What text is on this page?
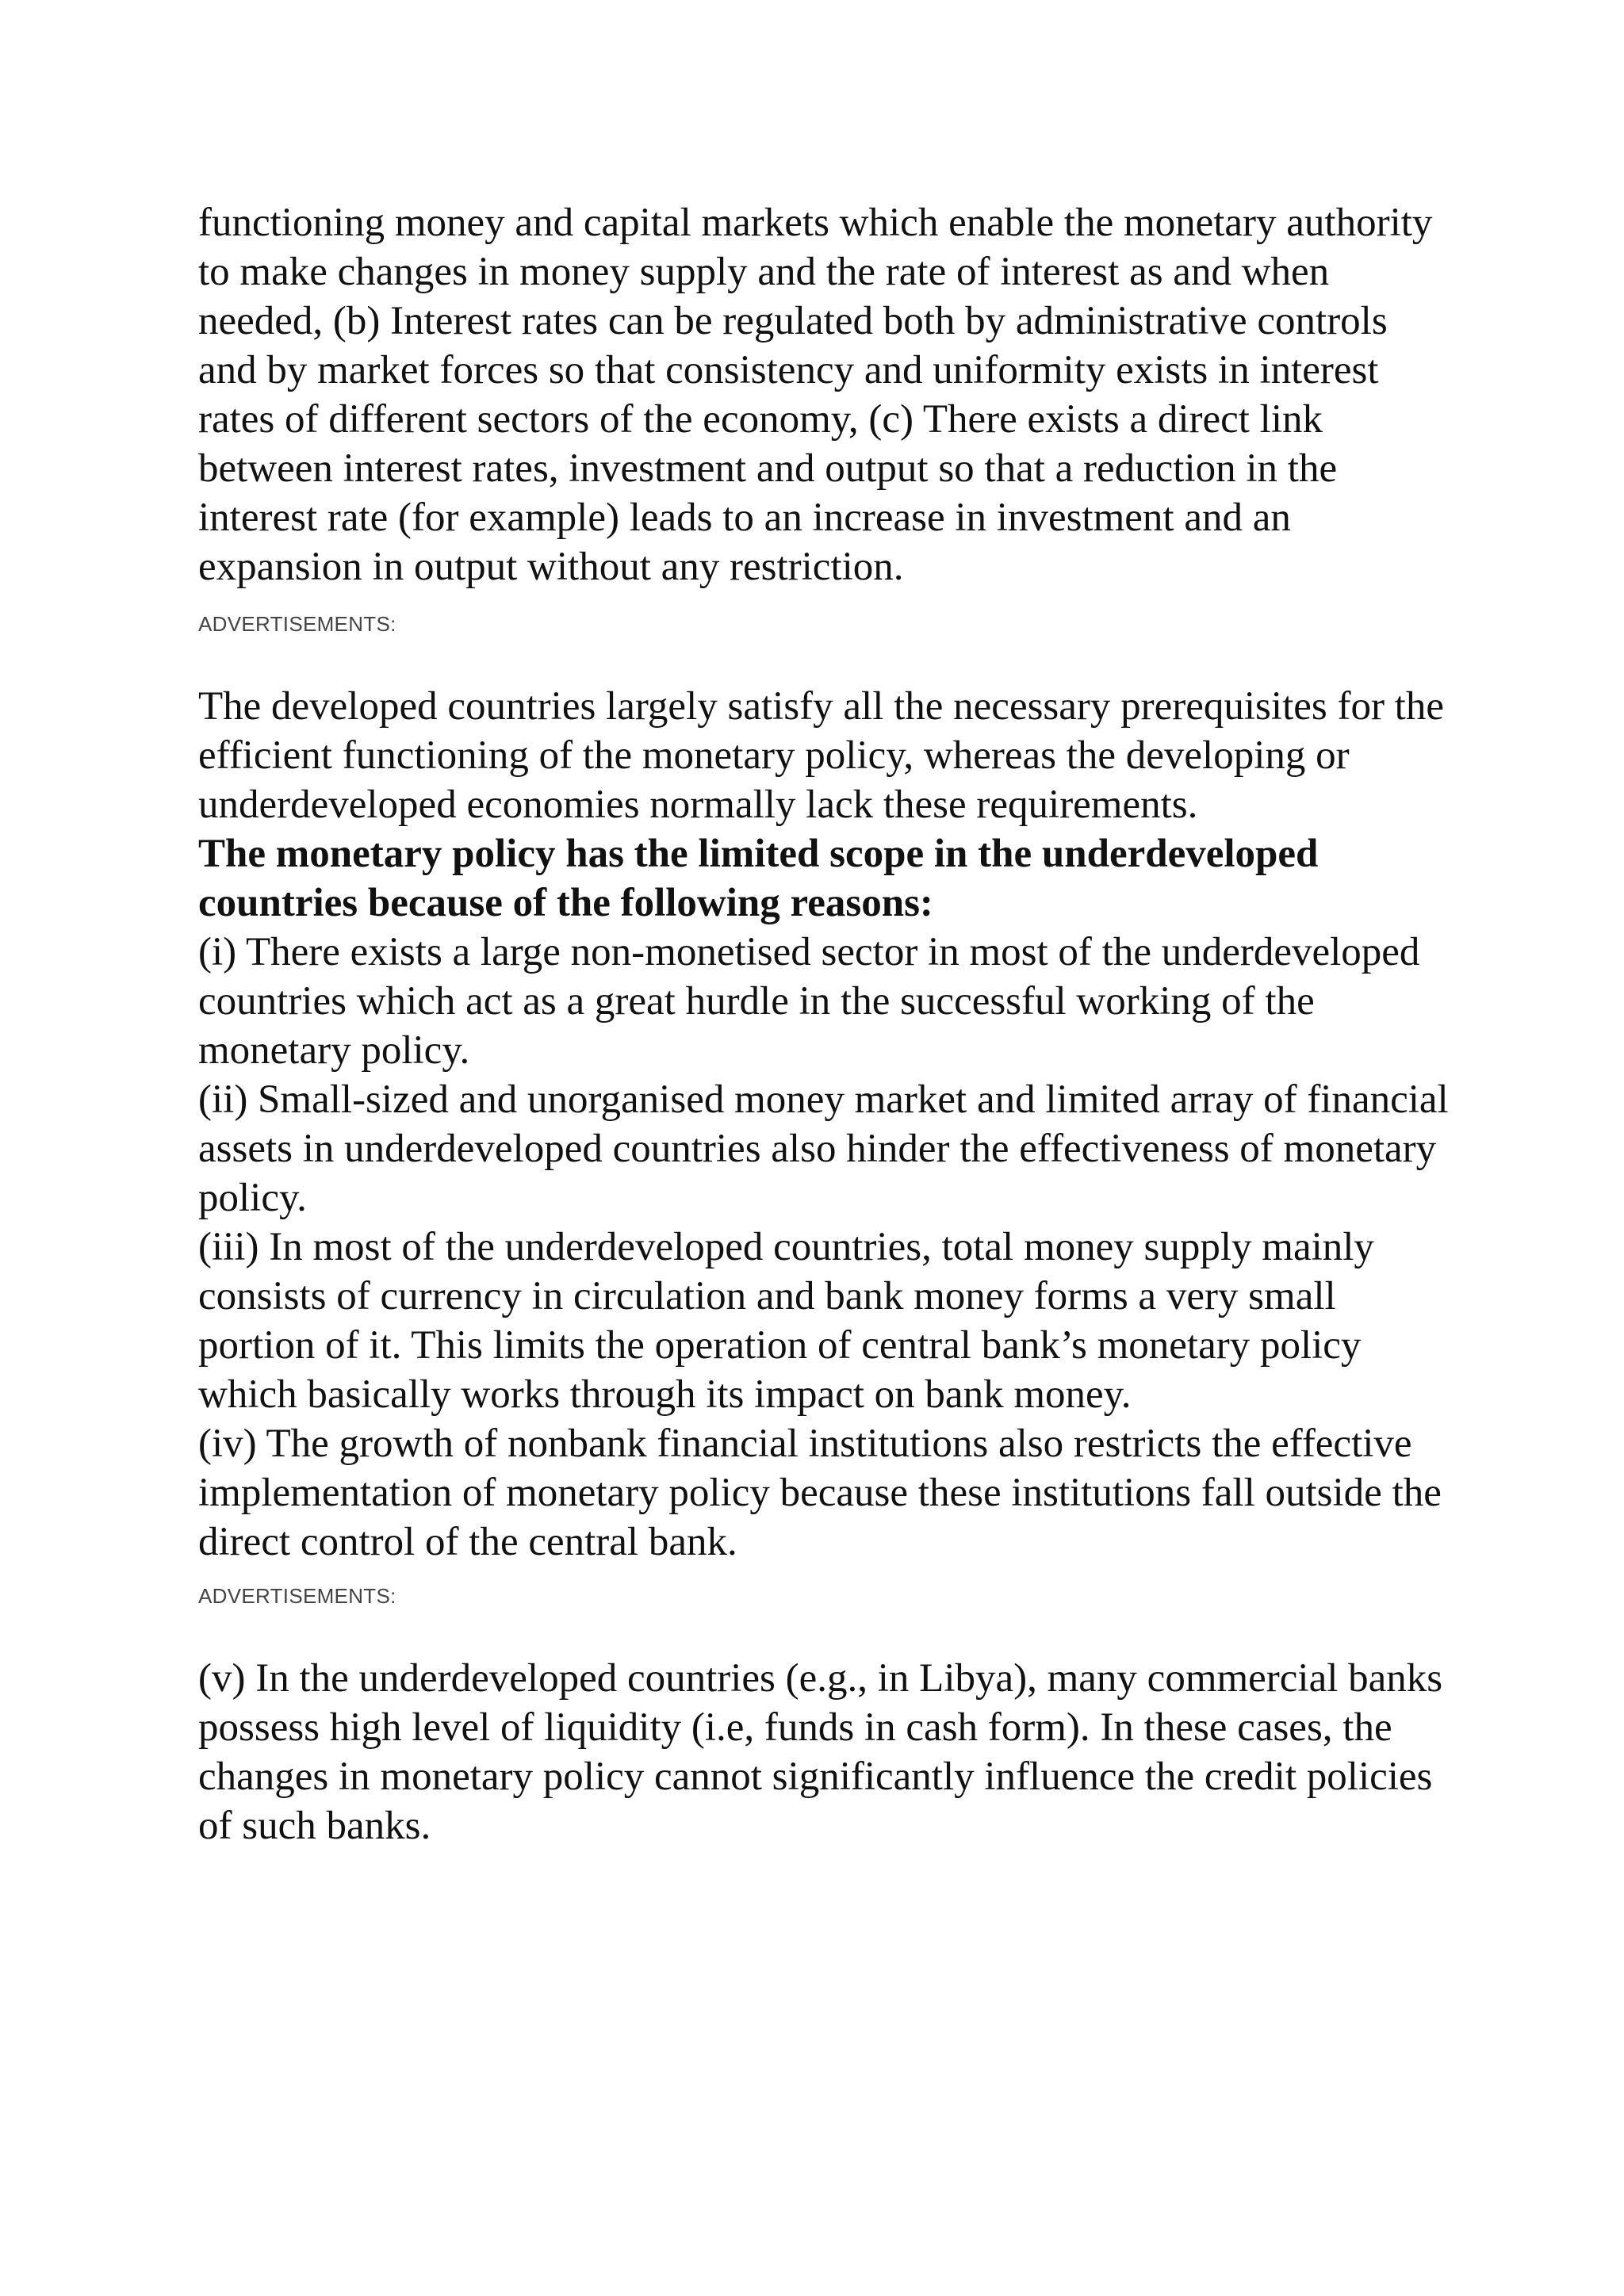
functioning money and capital markets which enable the monetary authority to make changes in money supply and the rate of interest as and when needed, (b) Interest rates can be regulated both by administrative controls and by market forces so that consistency and uniformity exists in interest rates of different sectors of the economy, (c) There exists a direct link between interest rates, investment and output so that a reduction in the interest rate (for example) leads to an increase in investment and an expansion in output without any restriction.

ADVERTISEMENTS:

The developed countries largely satisfy all the necessary prerequisites for the efficient functioning of the monetary policy, whereas the developing or underdeveloped economies normally lack these requirements.

The monetary policy has the limited scope in the underdeveloped countries because of the following reasons:

(i) There exists a large non-monetised sector in most of the underdeveloped countries which act as a great hurdle in the successful working of the monetary policy.

(ii) Small-sized and unorganised money market and limited array of financial assets in underdeveloped countries also hinder the effectiveness of monetary policy.

(iii) In most of the underdeveloped countries, total money supply mainly consists of currency in circulation and bank money forms a very small portion of it. This limits the operation of central bank’s monetary policy which basically works through its impact on bank money.

(iv) The growth of nonbank financial institutions also restricts the effective implementation of monetary policy because these institutions fall outside the direct control of the central bank.

ADVERTISEMENTS:

(v) In the underdeveloped countries (e.g., in Libya), many commercial banks possess high level of liquidity (i.e, funds in cash form). In these cases, the changes in monetary policy cannot significantly influence the credit policies of such banks.
